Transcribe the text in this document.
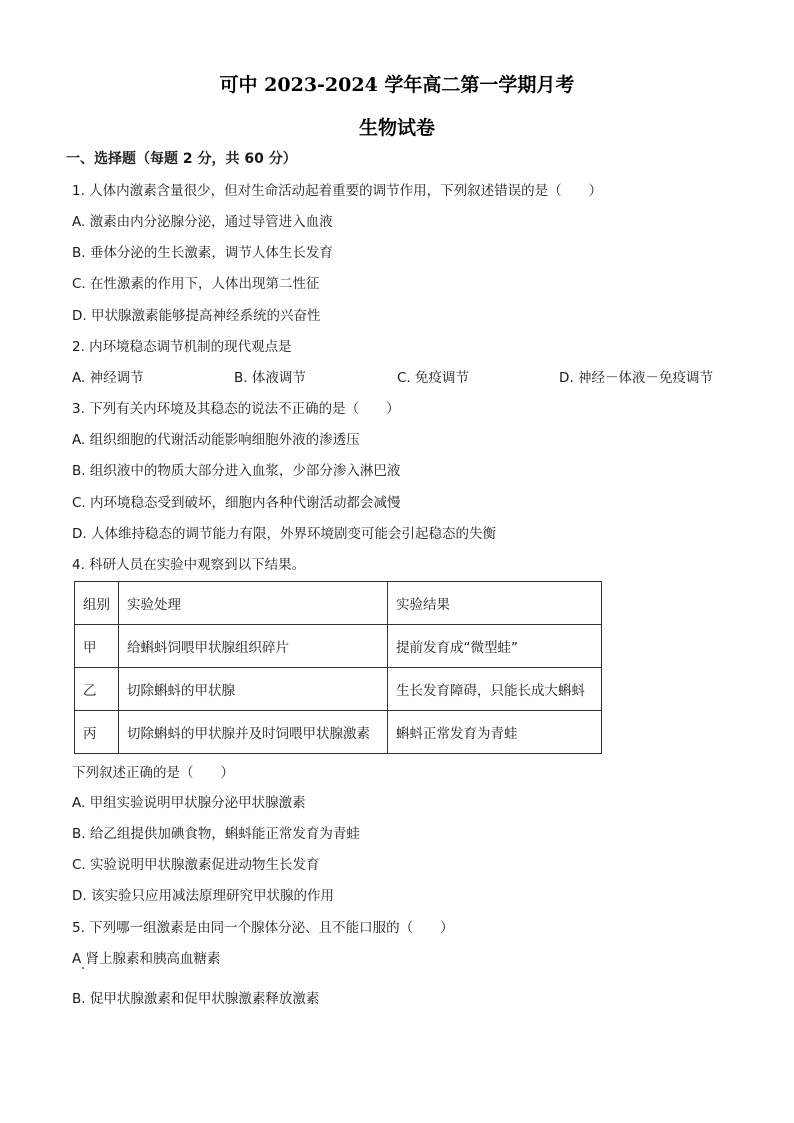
可中 2023-2024 学年高二第一学期月考
生物试卷
一、选择题（每题 2 分，共 60 分）
1. 人体内激素含量很少，但对生命活动起着重要的调节作用，下列叙述错误的是（　　）
A. 激素由内分泌腺分泌，通过导管进入血液
B. 垂体分泌的生长激素，调节人体生长发育
C. 在性激素的作用下，人体出现第二性征
D. 甲状腺激素能够提高神经系统的兴奋性
2. 内环境稳态调节机制的现代观点是
A. 神经调节	B. 体液调节	C. 免疫调节	D. 神经－体液－免疫调节
3. 下列有关内环境及其稳态的说法不正确的是（　　）
A. 组织细胞的代谢活动能影响细胞外液的渗透压
B. 组织液中的物质大部分进入血浆，少部分渗入淋巴液
C. 内环境稳态受到破坏，细胞内各种代谢活动都会减慢
D. 人体维持稳态的调节能力有限，外界环境剧变可能会引起稳态的失衡
4. 科研人员在实验中观察到以下结果。
组别	实验处理	实验结果
甲	给蝌蚪饲喂甲状腺组织碎片	提前发育成“微型蛙”
乙	切除蝌蚪的甲状腺	生长发育障碍，只能长成大蝌蚪
丙	切除蝌蚪的甲状腺并及时饲喂甲状腺激素	蝌蚪正常发育为青蛙
下列叙述正确的是（　　）
A. 甲组实验说明甲状腺分泌甲状腺激素
B. 给乙组提供加碘食物，蝌蚪能正常发育为青蛙
C. 实验说明甲状腺激素促进动物生长发育
D. 该实验只应用减法原理研究甲状腺的作用
5. 下列哪一组激素是由同一个腺体分泌、且不能口服的（　　）
A 肾上腺素和胰高血糖素
B. 促甲状腺激素和促甲状腺激素释放激素
